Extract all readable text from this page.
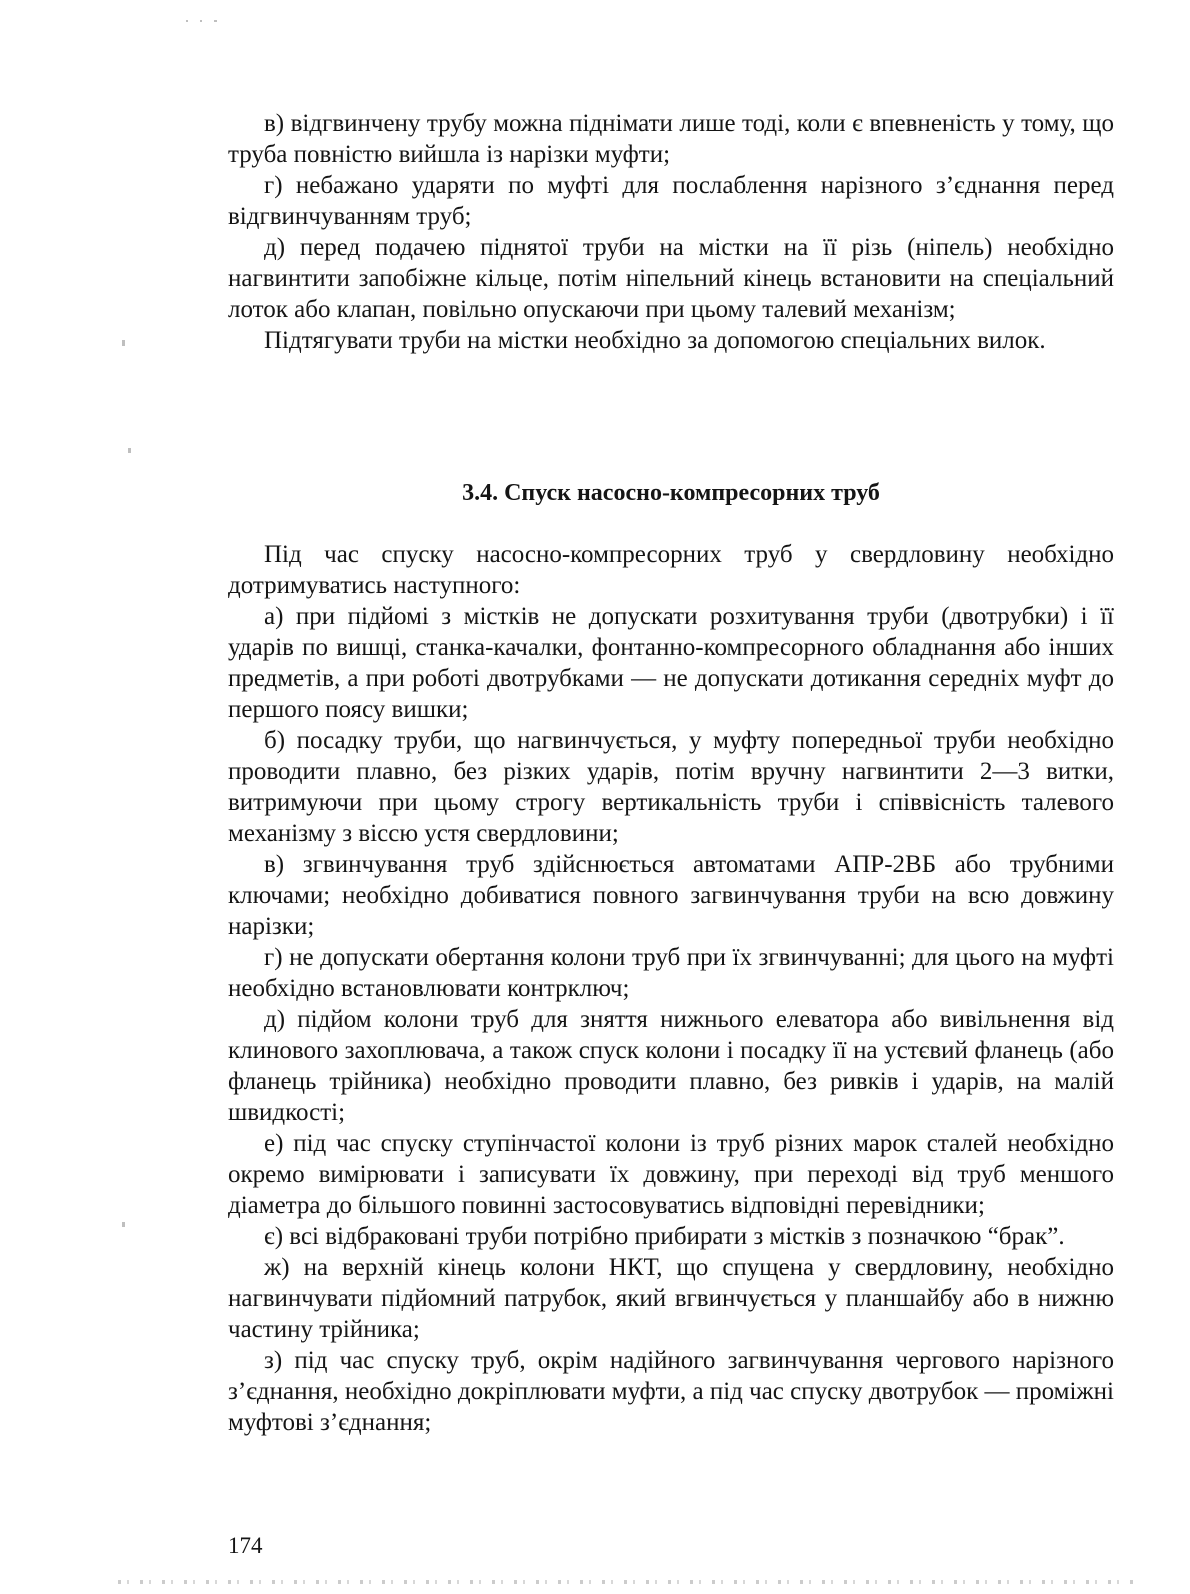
в) відгвинчену трубу можна піднімати лише тоді, коли є впевненість у тому, що труба повністю вийшла із нарізки муфти;

г) небажано ударяти по муфті для послаблення нарізного з’єднання перед відгвинчуванням труб;

д) перед подачею піднятої труби на містки на її різь (ніпель) необхідно нагвинтити запобіжне кільце, потім ніпельний кінець встановити на спеціальний лоток або клапан, повільно опускаючи при цьому талевий механізм;

Підтягувати труби на містки необхідно за допомогою спеціальних вилок.

3.4. Спуск насосно-компресорних труб

Під час спуску насосно-компресорних труб у свердловину необхідно дотримуватись наступного:

а) при підйомі з містків не допускати розхитування труби (двотрубки) і її ударів по вишці, станка-качалки, фонтанно-компресорного обладнання або інших предметів, а при роботі двотрубками — не допускати дотикання середніх муфт до першого поясу вишки;

б) посадку труби, що нагвинчується, у муфту попередньої труби необхідно проводити плавно, без різких ударів, потім вручну нагвинтити 2—3 витки, витримуючи при цьому строгу вертикальність труби і співвісність талевого механізму з віссю устя свердловини;

в) згвинчування труб здійснюється автоматами АПР-2ВБ або трубними ключами; необхідно добиватися повного загвинчування труби на всю довжину нарізки;

г) не допускати обертання колони труб при їх згвинчуванні; для цього на муфті необхідно встановлювати контрключ;

д) підйом колони труб для зняття нижнього елеватора або вивільнення від клинового захоплювача, а також спуск колони і посадку її на устєвий фланець (або фланець трійника) необхідно проводити плавно, без ривків і ударів, на малій швидкості;

е) під час спуску ступінчастої колони із труб різних марок сталей необхідно окремо вимірювати і записувати їх довжину, при переході від труб меншого діаметра до більшого повинні застосовуватись відповідні перевідники;

є) всі відбраковані труби потрібно прибирати з містків з позначкою “брак”.

ж) на верхній кінець колони НКТ, що спущена у свердловину, необхідно нагвинчувати підйомний патрубок, який вгвинчується у планшайбу або в нижню частину трійника;

з) під час спуску труб, окрім надійного загвинчування чергового нарізного з’єднання, необхідно докріплювати муфти, а під час спуску двотрубок — проміжні муфтові з’єднання;

174
